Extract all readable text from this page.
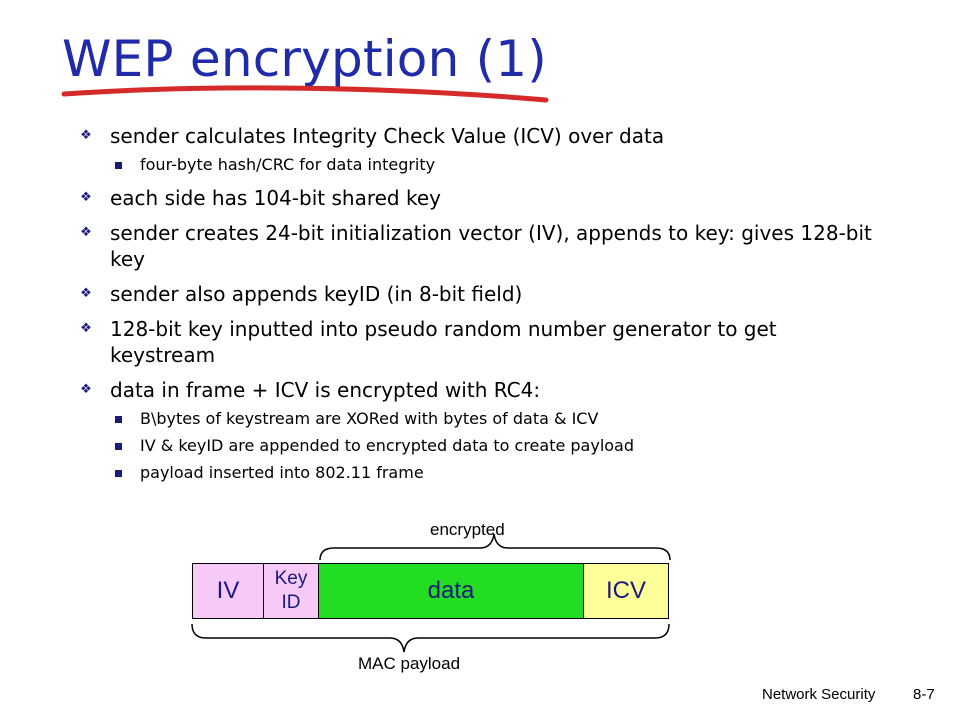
WEP encryption (1)
❖ sender calculates Integrity Check Value (ICV) over data
four-byte hash/CRC for data integrity
❖ each side has 104-bit shared key
❖ sender creates 24-bit initialization vector (IV), appends to key: gives 128-bit key
❖ sender also appends keyID (in 8-bit field)
❖ 128-bit key inputted into pseudo random number generator to get keystream
❖ data in frame + ICV is encrypted with RC4:
B\bytes of keystream are XORed with bytes of data & ICV
IV & keyID are appended to encrypted data to create payload
payload inserted into 802.11 frame
encrypted
IV Key
ID	data	ICV
MAC payload
Network Security	8-7
